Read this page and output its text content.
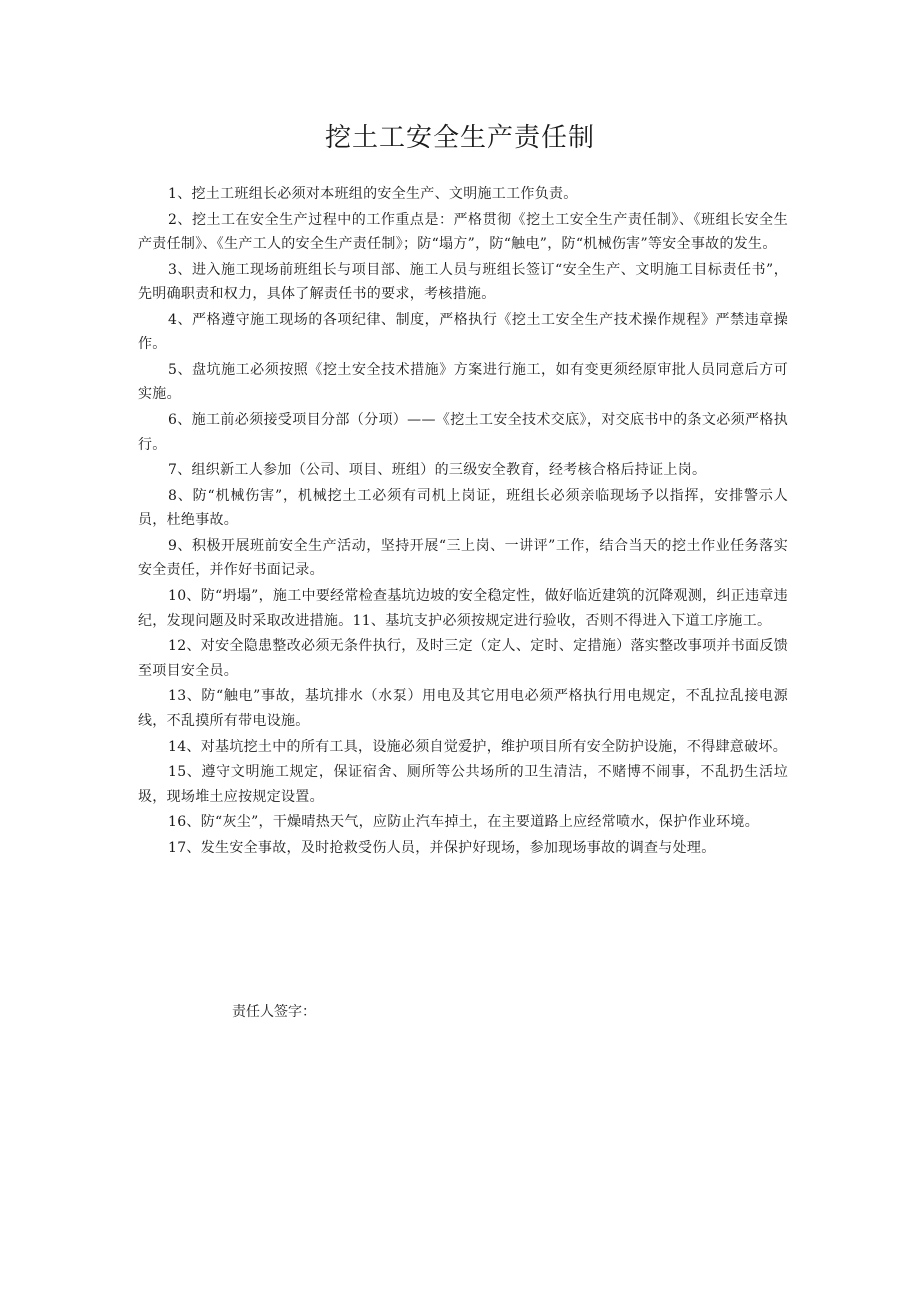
挖土工安全生产责任制
1、挖土工班组长必须对本班组的安全生产、文明施工工作负责。
2、挖土工在安全生产过程中的工作重点是：严格贯彻《挖土工安全生产责任制》、《班组长安全生产责任制》、《生产工人的安全生产责任制》；防“塌方”，防“触电”，防“机械伤害”等安全事故的发生。
3、进入施工现场前班组长与项目部、施工人员与班组长签订“安全生产、文明施工目标责任书”，先明确职责和权力，具体了解责任书的要求，考核措施。
4、严格遵守施工现场的各项纪律、制度，严格执行《挖土工安全生产技术操作规程》严禁违章操作。
5、盘坑施工必须按照《挖土安全技术措施》方案进行施工，如有变更须经原审批人员同意后方可实施。
6、施工前必须接受项目分部（分项）——《挖土工安全技术交底》，对交底书中的条文必须严格执行。
7、组织新工人参加（公司、项目、班组）的三级安全教育，经考核合格后持证上岗。
8、防“机械伤害”，机械挖土工必须有司机上岗证，班组长必须亲临现场予以指挥，安排警示人员，杜绝事故。
9、积极开展班前安全生产活动，坚持开展“三上岗、一讲评”工作，结合当天的挖土作业任务落实安全责任，并作好书面记录。
10、防“坍塌”，施工中要经常检查基坑边坡的安全稳定性，做好临近建筑的沉降观测，纠正违章违纪，发现问题及时采取改进措施。11、基坑支护必须按规定进行验收，否则不得进入下道工序施工。
12、对安全隐患整改必须无条件执行，及时三定（定人、定时、定措施）落实整改事项并书面反馈至项目安全员。
13、防“触电”事故，基坑排水（水泵）用电及其它用电必须严格执行用电规定，不乱拉乱接电源线，不乱摸所有带电设施。
14、对基坑挖土中的所有工具，设施必须自觉爱护，维护项目所有安全防护设施，不得肆意破坏。
15、遵守文明施工规定，保证宿舍、厕所等公共场所的卫生清洁，不赌博不闹事，不乱扔生活垃圾，现场堆土应按规定设置。
16、防“灰尘”，干燥晴热天气，应防止汽车掉土，在主要道路上应经常喷水，保护作业环境。
17、发生安全事故，及时抢救受伤人员，并保护好现场，参加现场事故的调查与处理。

责任人签字：
